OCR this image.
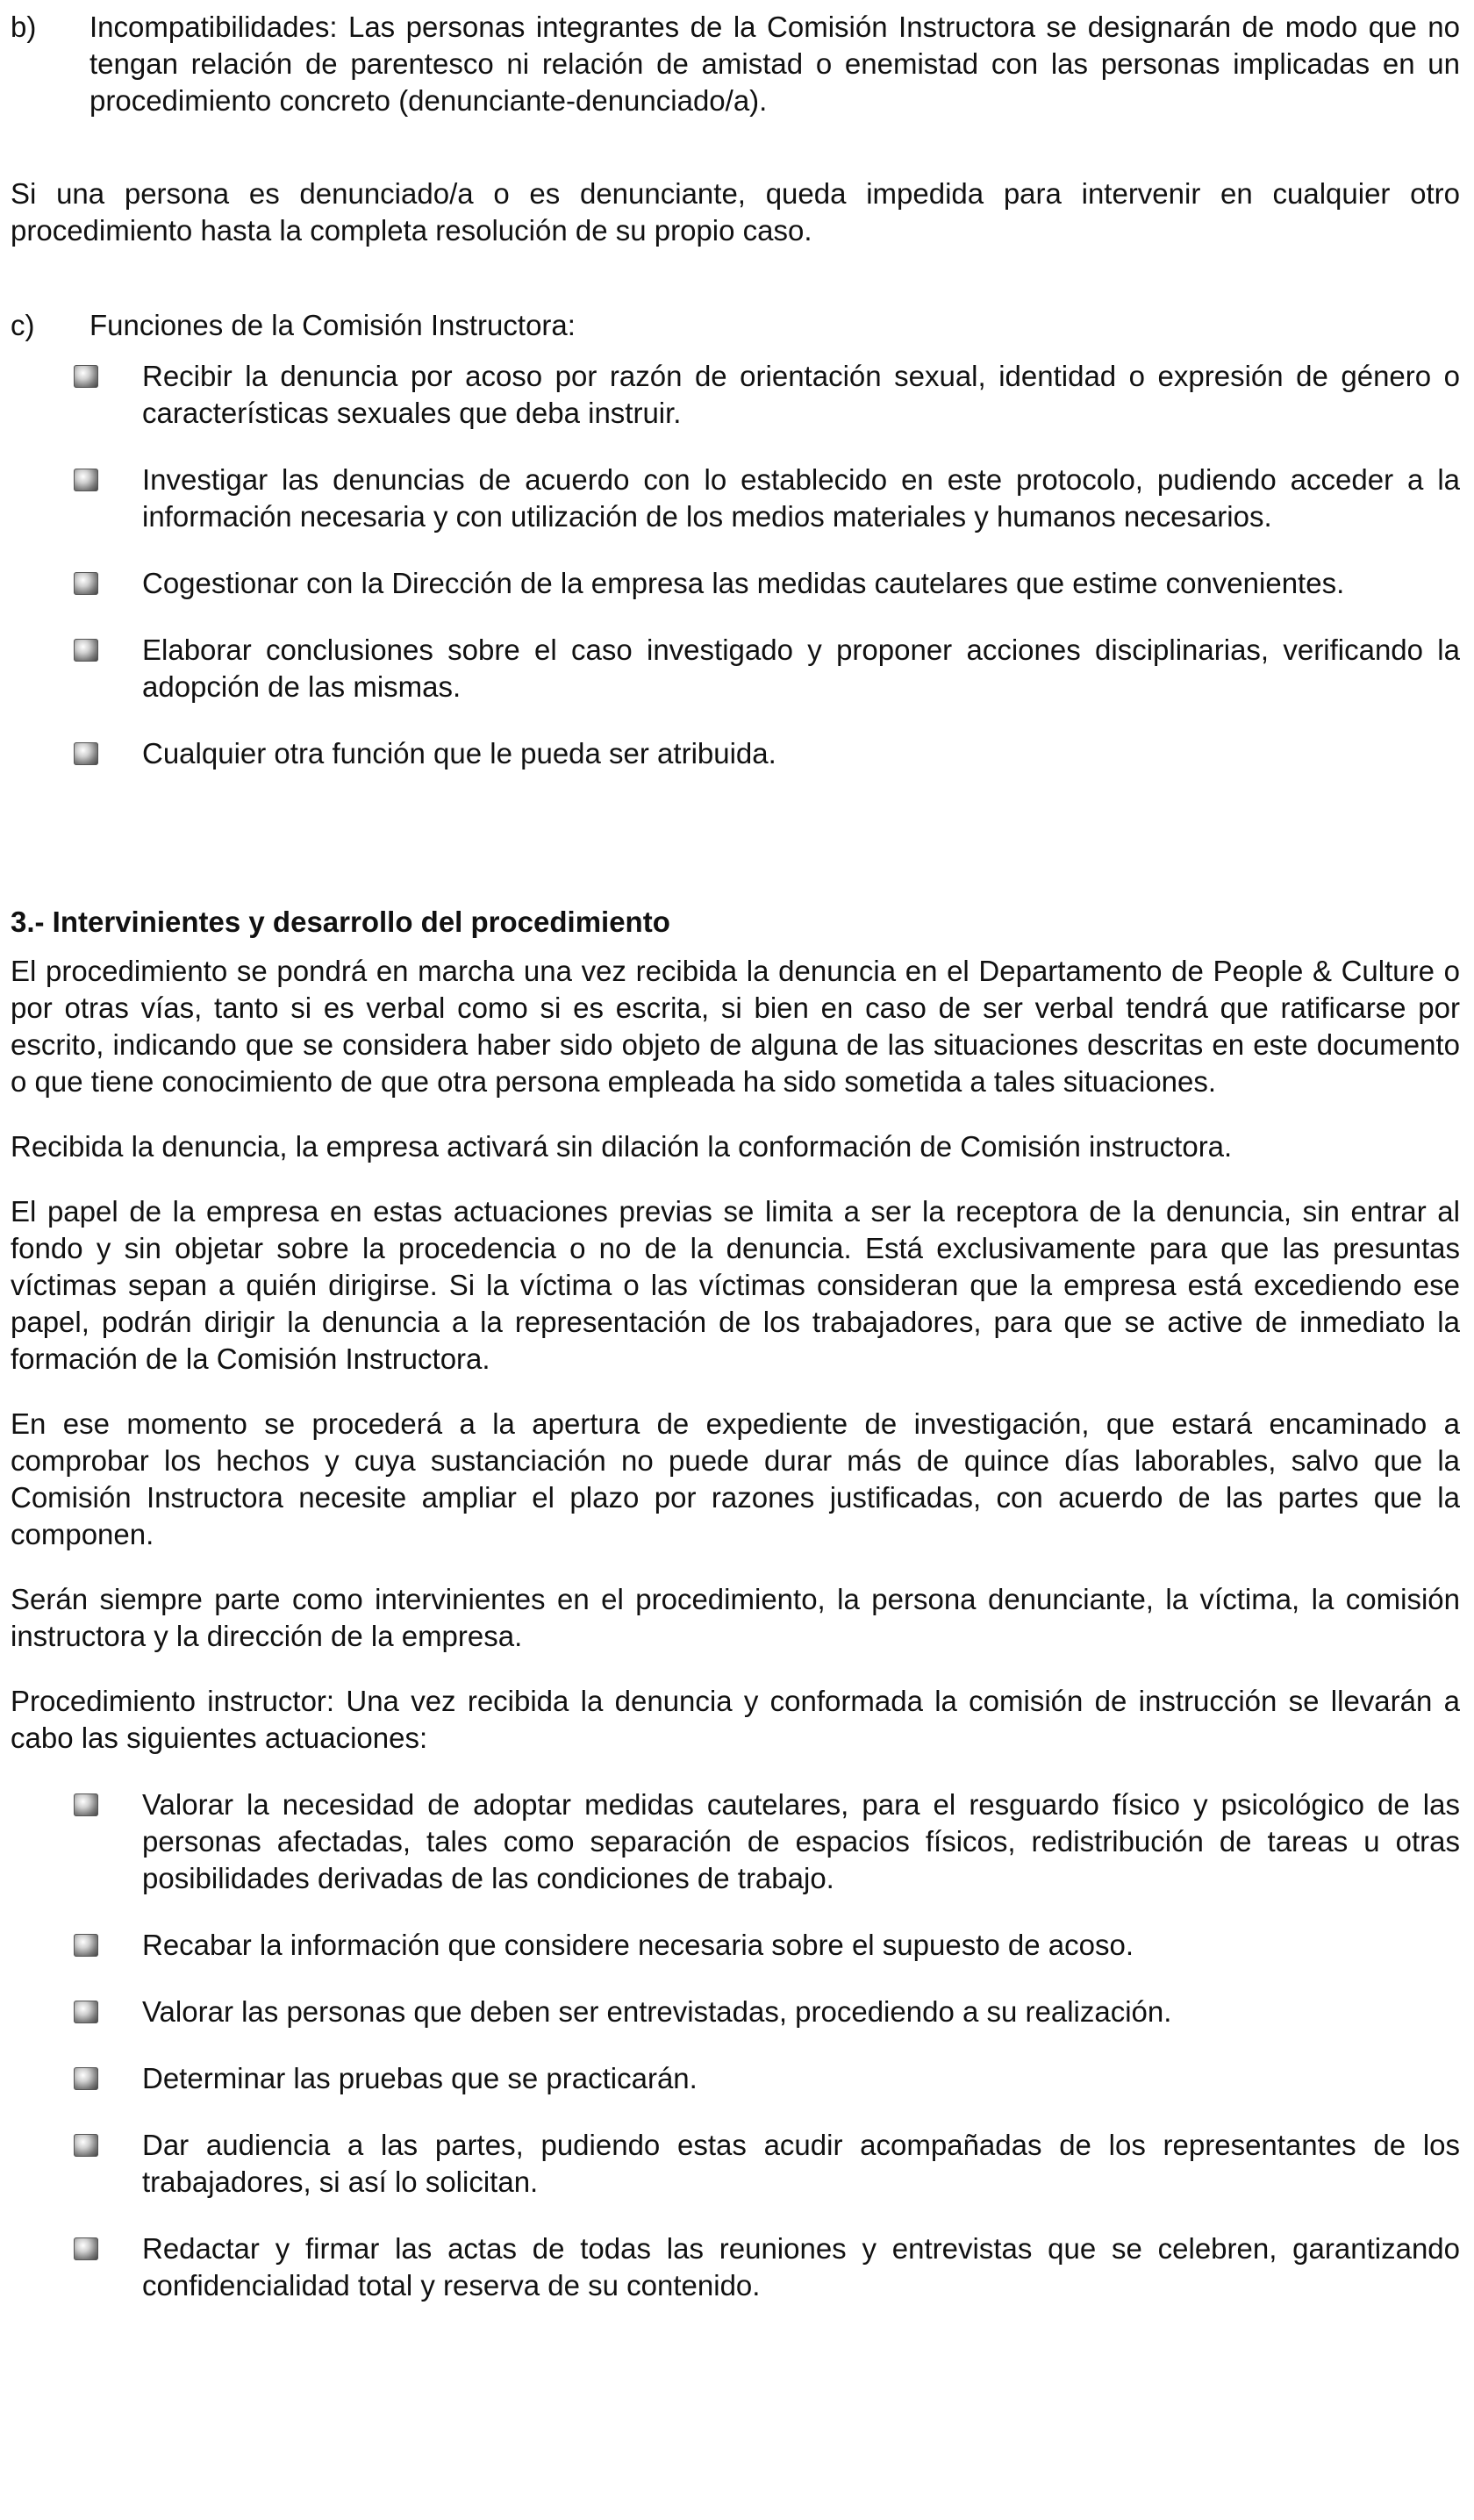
b) Incompatibilidades: Las personas integrantes de la Comisión Instructora se designarán de modo que no tengan relación de parentesco ni relación de amistad o enemistad con las personas implicadas en un procedimiento concreto (denunciante-denunciado/a).

Si una persona es denunciado/a o es denunciante, queda impedida para intervenir en cualquier otro procedimiento hasta la completa resolución de su propio caso.

c) Funciones de la Comisión Instructora:
Recibir la denuncia por acoso por razón de orientación sexual, identidad o expresión de género o características sexuales que deba instruir.
Investigar las denuncias de acuerdo con lo establecido en este protocolo, pudiendo acceder a la información necesaria y con utilización de los medios materiales y humanos necesarios.
Cogestionar con la Dirección de la empresa las medidas cautelares que estime convenientes.
Elaborar conclusiones sobre el caso investigado y proponer acciones disciplinarias, verificando la adopción de las mismas.
Cualquier otra función que le pueda ser atribuida.
3.- Intervinientes y desarrollo del procedimiento

El procedimiento se pondrá en marcha una vez recibida la denuncia en el Departamento de People & Culture o por otras vías, tanto si es verbal como si es escrita, si bien en caso de ser verbal tendrá que ratificarse por escrito, indicando que se considera haber sido objeto de alguna de las situaciones descritas en este documento o que tiene conocimiento de que otra persona empleada ha sido sometida a tales situaciones.

Recibida la denuncia, la empresa activará sin dilación la conformación de Comisión instructora.

El papel de la empresa en estas actuaciones previas se limita a ser la receptora de la denuncia, sin entrar al fondo y sin objetar sobre la procedencia o no de la denuncia. Está exclusivamente para que las presuntas víctimas sepan a quién dirigirse. Si la víctima o las víctimas consideran que la empresa está excediendo ese papel, podrán dirigir la denuncia a la representación de los trabajadores, para que se active de inmediato la formación de la Comisión Instructora.

En ese momento se procederá a la apertura de expediente de investigación, que estará encaminado a comprobar los hechos y cuya sustanciación no puede durar más de quince días laborables, salvo que la Comisión Instructora necesite ampliar el plazo por razones justificadas, con acuerdo de las partes que la componen.

Serán siempre parte como intervinientes en el procedimiento, la persona denunciante, la víctima, la comisión instructora y la dirección de la empresa.

Procedimiento instructor: Una vez recibida la denuncia y conformada la comisión de instrucción se llevarán a cabo las siguientes actuaciones:

Valorar la necesidad de adoptar medidas cautelares, para el resguardo físico y psicológico de las personas afectadas, tales como separación de espacios físicos, redistribución de tareas u otras posibilidades derivadas de las condiciones de trabajo.
Recabar la información que considere necesaria sobre el supuesto de acoso.
Valorar las personas que deben ser entrevistadas, procediendo a su realización.
Determinar las pruebas que se practicarán.
Dar audiencia a las partes, pudiendo estas acudir acompañadas de los representantes de los trabajadores, si así lo solicitan.
Redactar y firmar las actas de todas las reuniones y entrevistas que se celebren, garantizando confidencialidad total y reserva de su contenido.
